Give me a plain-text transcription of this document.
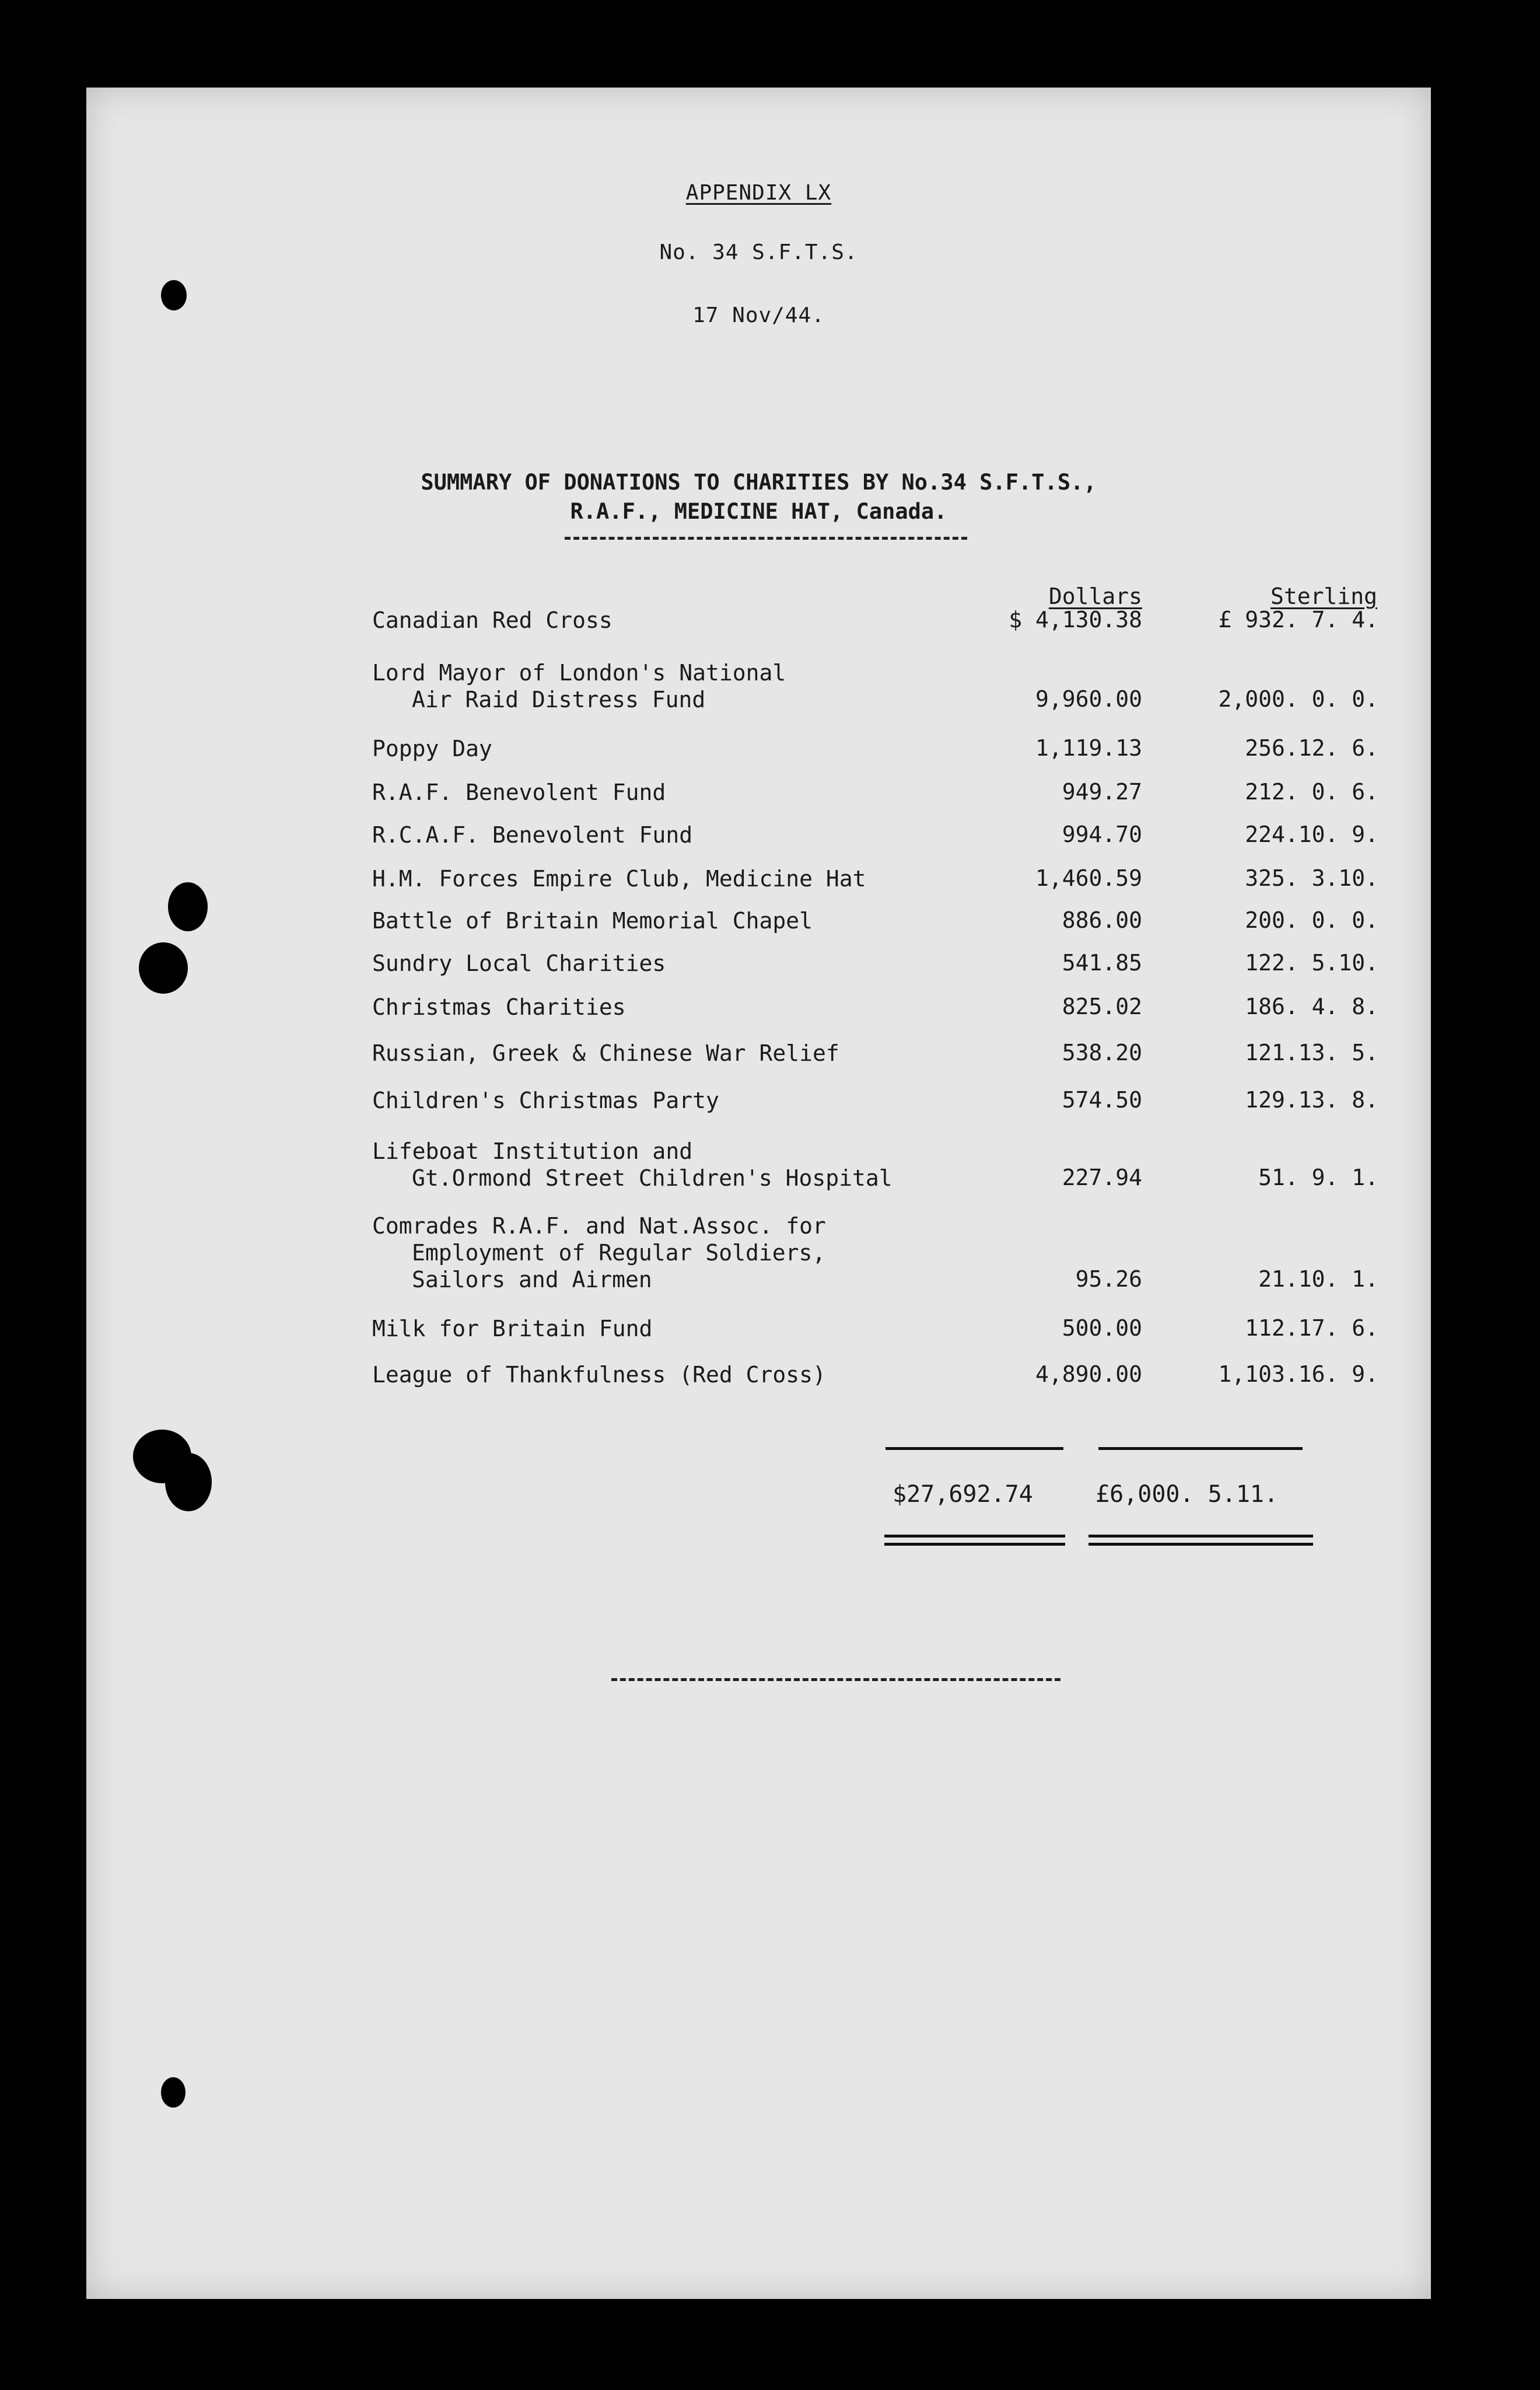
APPENDIX LX
No. 34 S.F.T.S.
17 Nov/44.
SUMMARY OF DONATIONS TO CHARITIES BY No.34 S.F.T.S.,
R.A.F., MEDICINE HAT, Canada.
Dollars	Sterling
Canadian Red Cross	$ 4,130.38	£ 932. 7. 4.
Lord Mayor of London's National
Air Raid Distress Fund	9,960.00	2,000. 0. 0.
Poppy Day	1,119.13	256.12. 6.
R.A.F. Benevolent Fund	949.27	212. 0. 6.
R.C.A.F. Benevolent Fund	994.70	224.10. 9.
H.M. Forces Empire Club, Medicine Hat	1,460.59	325. 3.10.
Battle of Britain Memorial Chapel	886.00	200. 0. 0.
Sundry Local Charities	541.85	122. 5.10.
Christmas Charities	825.02	186. 4. 8.
Russian, Greek & Chinese War Relief	538.20	121.13. 5.
Children's Christmas Party	574.50	129.13. 8.
Lifeboat Institution and
Gt.Ormond Street Children's Hospital	227.94	51. 9. 1.
Comrades R.A.F. and Nat.Assoc. for
Employment of Regular Soldiers,
Sailors and Airmen	95.26	21.10. 1.
Milk for Britain Fund	500.00	112.17. 6.
League of Thankfulness (Red Cross)	4,890.00	1,103.16. 9.
$27,692.74	£6,000. 5.11.
